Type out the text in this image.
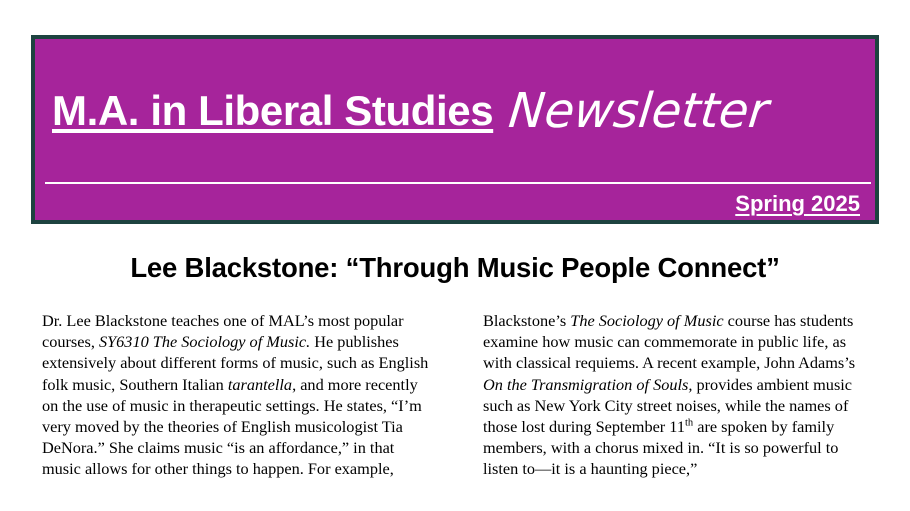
M.A. in Liberal Studies Newsletter
Spring 2025
Lee Blackstone: “Through Music People Connect”

Dr. Lee Blackstone teaches one of MAL’s most popular courses, SY6310 The Sociology of Music. He publishes extensively about different forms of music, such as English folk music, Southern Italian tarantella, and more recently on the use of music in therapeutic settings. He states, “I’m very moved by the theories of English musicologist Tia DeNora.” She claims music “is an affordance,” in that music allows for other things to happen. For example,

Blackstone’s The Sociology of Music course has students examine how music can commemorate in public life, as with classical requiems. A recent example, John Adams’s On the Transmigration of Souls, provides ambient music such as New York City street noises, while the names of those lost during September 11th are spoken by family members, with a chorus mixed in. “It is so powerful to listen to—it is a haunting piece,”
